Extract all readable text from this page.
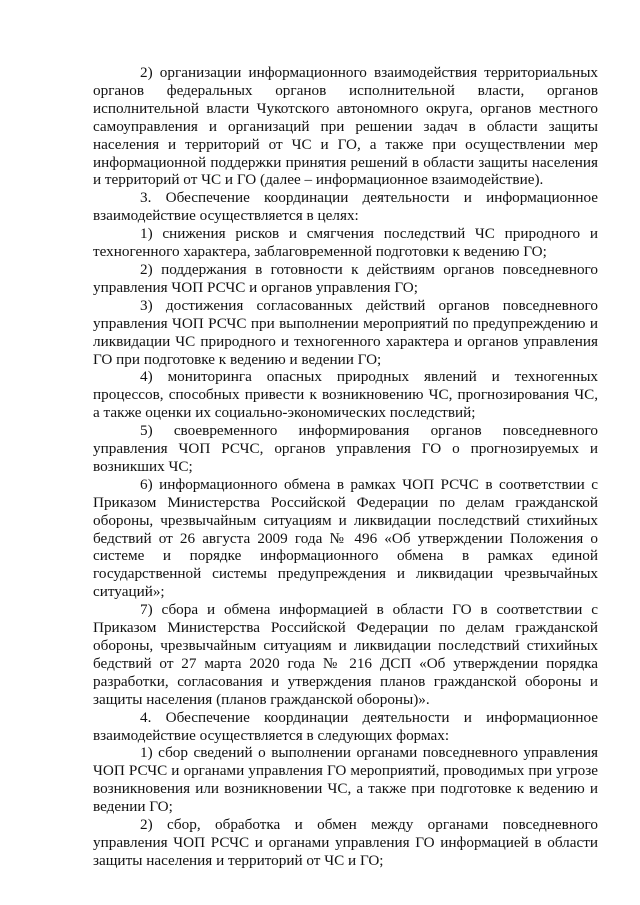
2) организации информационного взаимодействия территориальных органов федеральных органов исполнительной власти, органов исполнительной власти Чукотского автономного округа, органов местного самоуправления и организаций при решении задач в области защиты населения и территорий от ЧС и ГО, а также при осуществлении мер информационной поддержки принятия решений в области защиты населения и территорий от ЧС и ГО (далее – информационное взаимодействие).

3. Обеспечение координации деятельности и информационное взаимодействие осуществляется в целях:

1) снижения рисков и смягчения последствий ЧС природного и техногенного характера, заблаговременной подготовки к ведению ГО;

2) поддержания в готовности к действиям органов повседневного управления ЧОП РСЧС и органов управления ГО;

3) достижения согласованных действий органов повседневного управления ЧОП РСЧС при выполнении мероприятий по предупреждению и ликвидации ЧС природного и техногенного характера и органов управления ГО при подготовке к ведению и ведении ГО;

4) мониторинга опасных природных явлений и техногенных процессов, способных привести к возникновению ЧС, прогнозирования ЧС, а также оценки их социально-экономических последствий;

5) своевременного информирования органов повседневного управления ЧОП РСЧС, органов управления ГО о прогнозируемых и возникших ЧС;

6) информационного обмена в рамках ЧОП РСЧС в соответствии с Приказом Министерства Российской Федерации по делам гражданской обороны, чрезвычайным ситуациям и ликвидации последствий стихийных бедствий от 26 августа 2009 года № 496 «Об утверждении Положения о системе и порядке информационного обмена в рамках единой государственной системы предупреждения и ликвидации чрезвычайных ситуаций»;

7) сбора и обмена информацией в области ГО в соответствии с Приказом Министерства Российской Федерации по делам гражданской обороны, чрезвычайным ситуациям и ликвидации последствий стихийных бедствий от 27 марта 2020 года № 216 ДСП «Об утверждении порядка разработки, согласования и утверждения планов гражданской обороны и защиты населения (планов гражданской обороны)».

4. Обеспечение координации деятельности и информационное взаимодействие осуществляется в следующих формах:

1) сбор сведений о выполнении органами повседневного управления ЧОП РСЧС и органами управления ГО мероприятий, проводимых при угрозе возникновения или возникновении ЧС, а также при подготовке к ведению и ведении ГО;

2) сбор, обработка и обмен между органами повседневного управления ЧОП РСЧС и органами управления ГО информацией в области защиты населения и территорий от ЧС и ГО;
